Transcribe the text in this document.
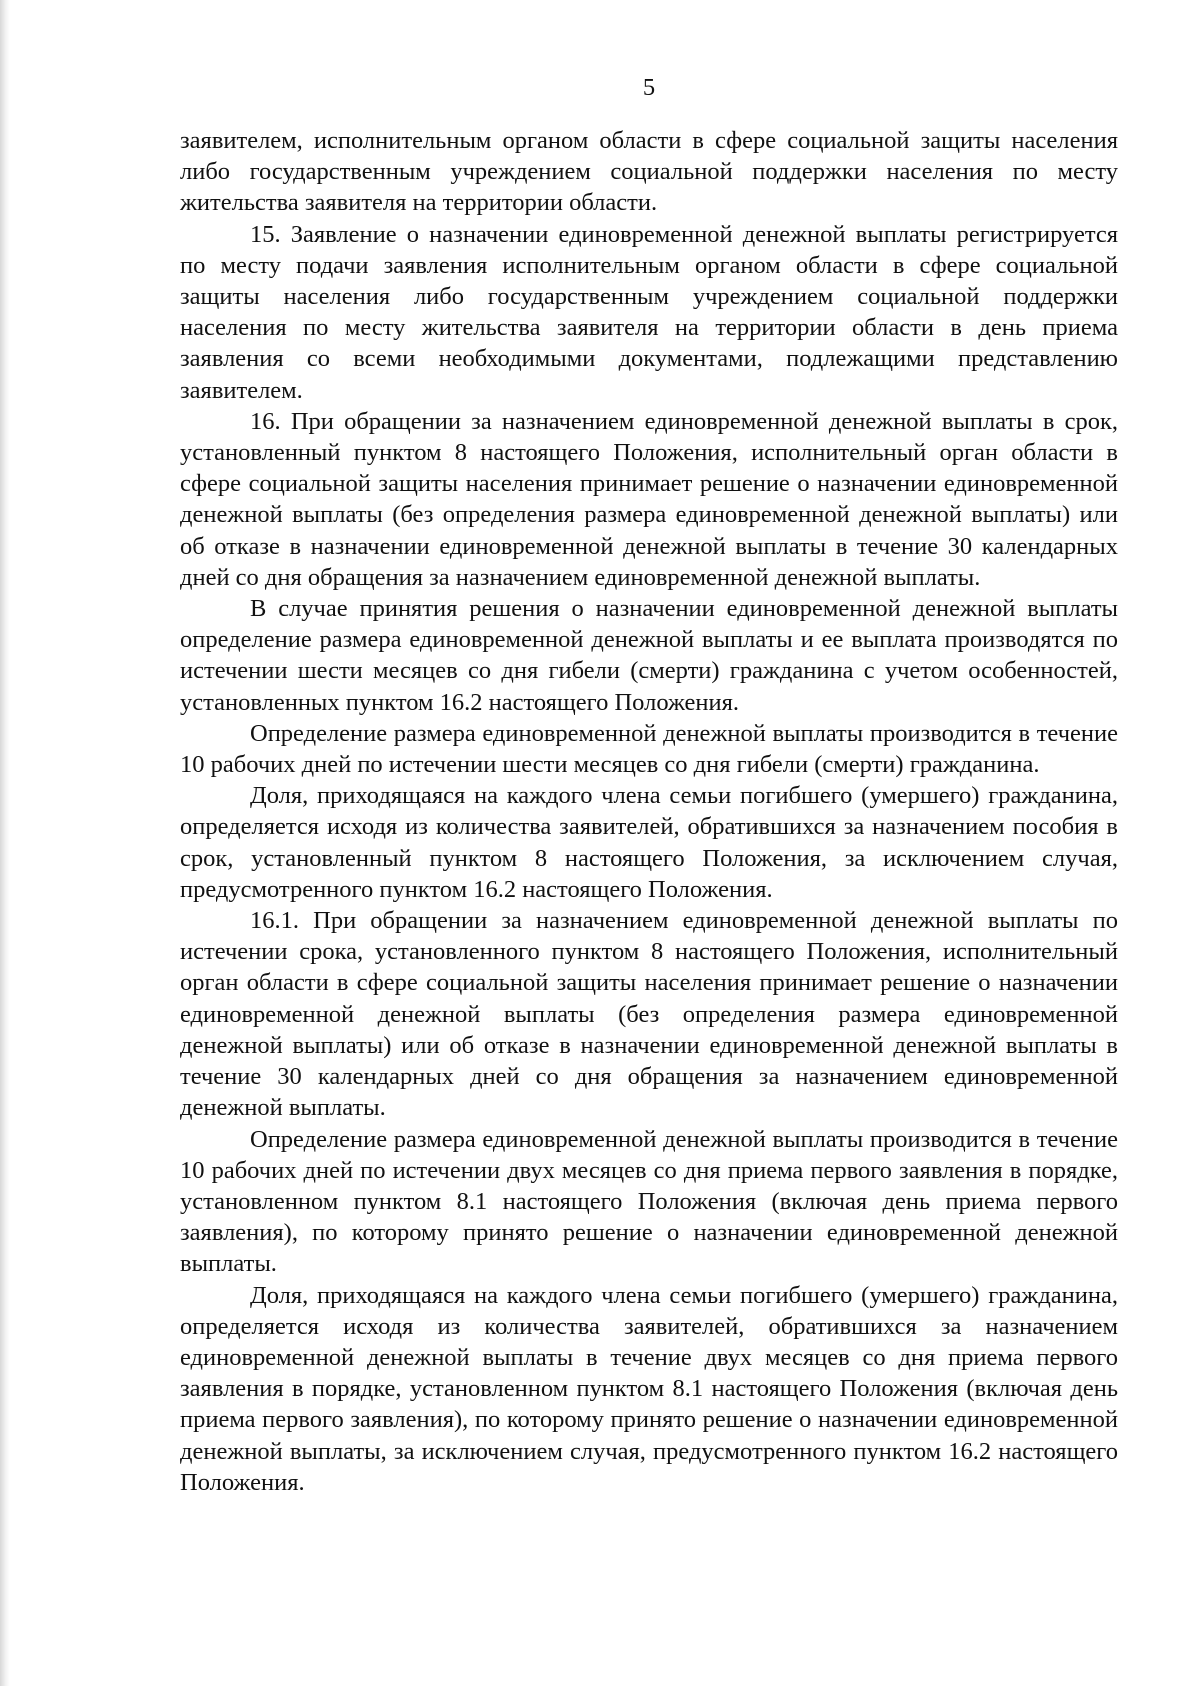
5

заявителем, исполнительным органом области в сфере социальной защиты населения либо государственным учреждением социальной поддержки населения по месту жительства заявителя на территории области.

15. Заявление о назначении единовременной денежной выплаты регистрируется по месту подачи заявления исполнительным органом области в сфере социальной защиты населения либо государственным учреждением социальной поддержки населения по месту жительства заявителя на территории области в день приема заявления со всеми необходимыми документами, подлежащими представлению заявителем.

16. При обращении за назначением единовременной денежной выплаты в срок, установленный пунктом 8 настоящего Положения, исполнительный орган области в сфере социальной защиты населения принимает решение о назначении единовременной денежной выплаты (без определения размера единовременной денежной выплаты) или об отказе в назначении единовременной денежной выплаты в течение 30 календарных дней со дня обращения за назначением единовременной денежной выплаты.

В случае принятия решения о назначении единовременной денежной выплаты определение размера единовременной денежной выплаты и ее выплата производятся по истечении шести месяцев со дня гибели (смерти) гражданина с учетом особенностей, установленных пунктом 16.2 настоящего Положения.

Определение размера единовременной денежной выплаты производится в течение 10 рабочих дней по истечении шести месяцев со дня гибели (смерти) гражданина.

Доля, приходящаяся на каждого члена семьи погибшего (умершего) гражданина, определяется исходя из количества заявителей, обратившихся за назначением пособия в срок, установленный пунктом 8 настоящего Положения, за исключением случая, предусмотренного пунктом 16.2 настоящего Положения.

16.1. При обращении за назначением единовременной денежной выплаты по истечении срока, установленного пунктом 8 настоящего Положения, исполнительный орган области в сфере социальной защиты населения принимает решение о назначении единовременной денежной выплаты (без определения размера единовременной денежной выплаты) или об отказе в назначении единовременной денежной выплаты в течение 30 календарных дней со дня обращения за назначением единовременной денежной выплаты.

Определение размера единовременной денежной выплаты производится в течение 10 рабочих дней по истечении двух месяцев со дня приема первого заявления в порядке, установленном пунктом 8.1 настоящего Положения (включая день приема первого заявления), по которому принято решение о назначении единовременной денежной выплаты.

Доля, приходящаяся на каждого члена семьи погибшего (умершего) гражданина, определяется исходя из количества заявителей, обратившихся за назначением единовременной денежной выплаты в течение двух месяцев со дня приема первого заявления в порядке, установленном пунктом 8.1 настоящего Положения (включая день приема первого заявления), по которому принято решение о назначении единовременной денежной выплаты, за исключением случая, предусмотренного пунктом 16.2 настоящего Положения.
